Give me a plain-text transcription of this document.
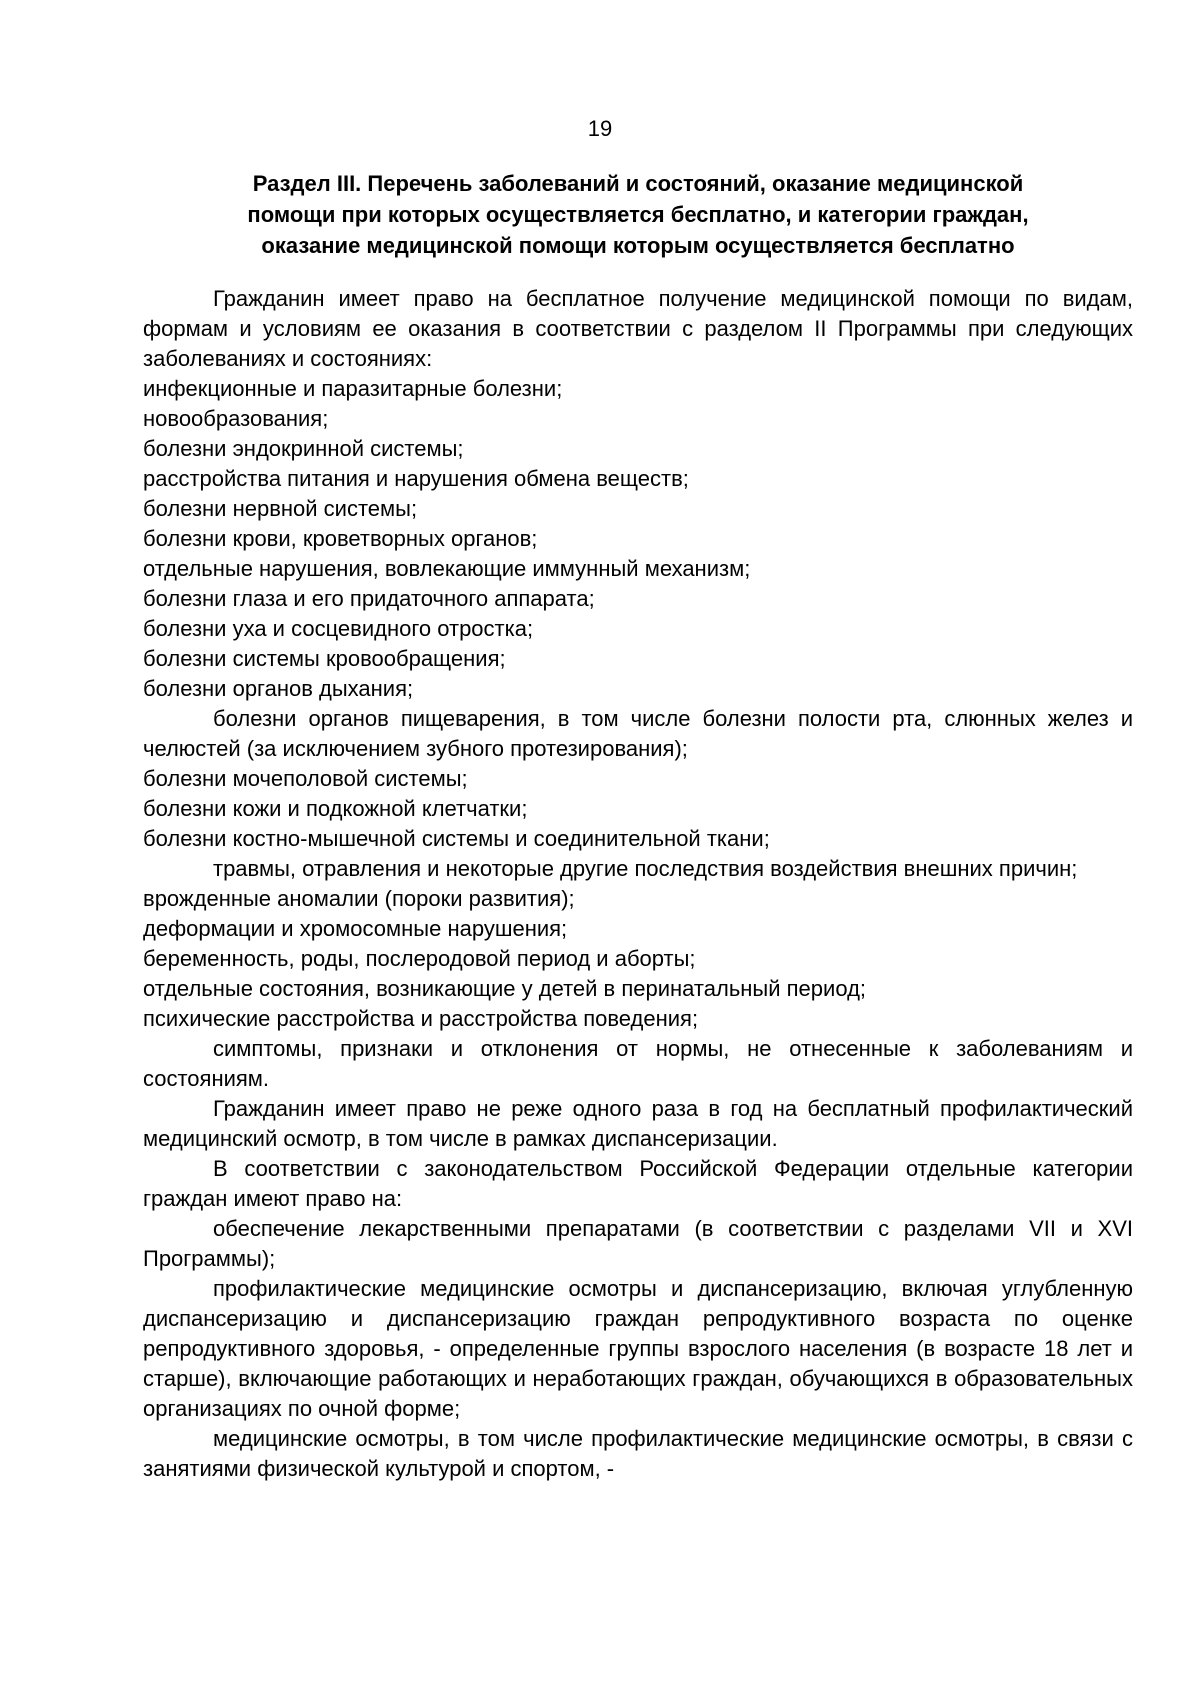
19
Раздел III. Перечень заболеваний и состояний, оказание медицинской
помощи при которых осуществляется бесплатно, и категории граждан,
оказание медицинской помощи которым осуществляется бесплатно

Гражданин имеет право на бесплатное получение медицинской помощи по видам, формам и условиям ее оказания в соответствии с разделом II Программы при следующих заболеваниях и состояниях:

инфекционные и паразитарные болезни;

новообразования;

болезни эндокринной системы;

расстройства питания и нарушения обмена веществ;

болезни нервной системы;

болезни крови, кроветворных органов;

отдельные нарушения, вовлекающие иммунный механизм;

болезни глаза и его придаточного аппарата;

болезни уха и сосцевидного отростка;

болезни системы кровообращения;

болезни органов дыхания;

болезни органов пищеварения, в том числе болезни полости рта, слюнных желез и челюстей (за исключением зубного протезирования);

болезни мочеполовой системы;

болезни кожи и подкожной клетчатки;

болезни костно-мышечной системы и соединительной ткани;

травмы, отравления и некоторые другие последствия воздействия внешних причин;

врожденные аномалии (пороки развития);

деформации и хромосомные нарушения;

беременность, роды, послеродовой период и аборты;

отдельные состояния, возникающие у детей в перинатальный период;

психические расстройства и расстройства поведения;

симптомы, признаки и отклонения от нормы, не отнесенные к заболеваниям и состояниям.

Гражданин имеет право не реже одного раза в год на бесплатный профилактический медицинский осмотр, в том числе в рамках диспансеризации.

В соответствии с законодательством Российской Федерации отдельные категории граждан имеют право на:

обеспечение лекарственными препаратами (в соответствии с разделами VII и XVI Программы);

профилактические медицинские осмотры и диспансеризацию, включая углубленную диспансеризацию и диспансеризацию граждан репродуктивного возраста по оценке репродуктивного здоровья, - определенные группы взрослого населения (в возрасте 18 лет и старше), включающие работающих и неработающих граждан, обучающихся в образовательных организациях по очной форме;

медицинские осмотры, в том числе профилактические медицинские осмотры, в связи с занятиями физической культурой и спортом, -
